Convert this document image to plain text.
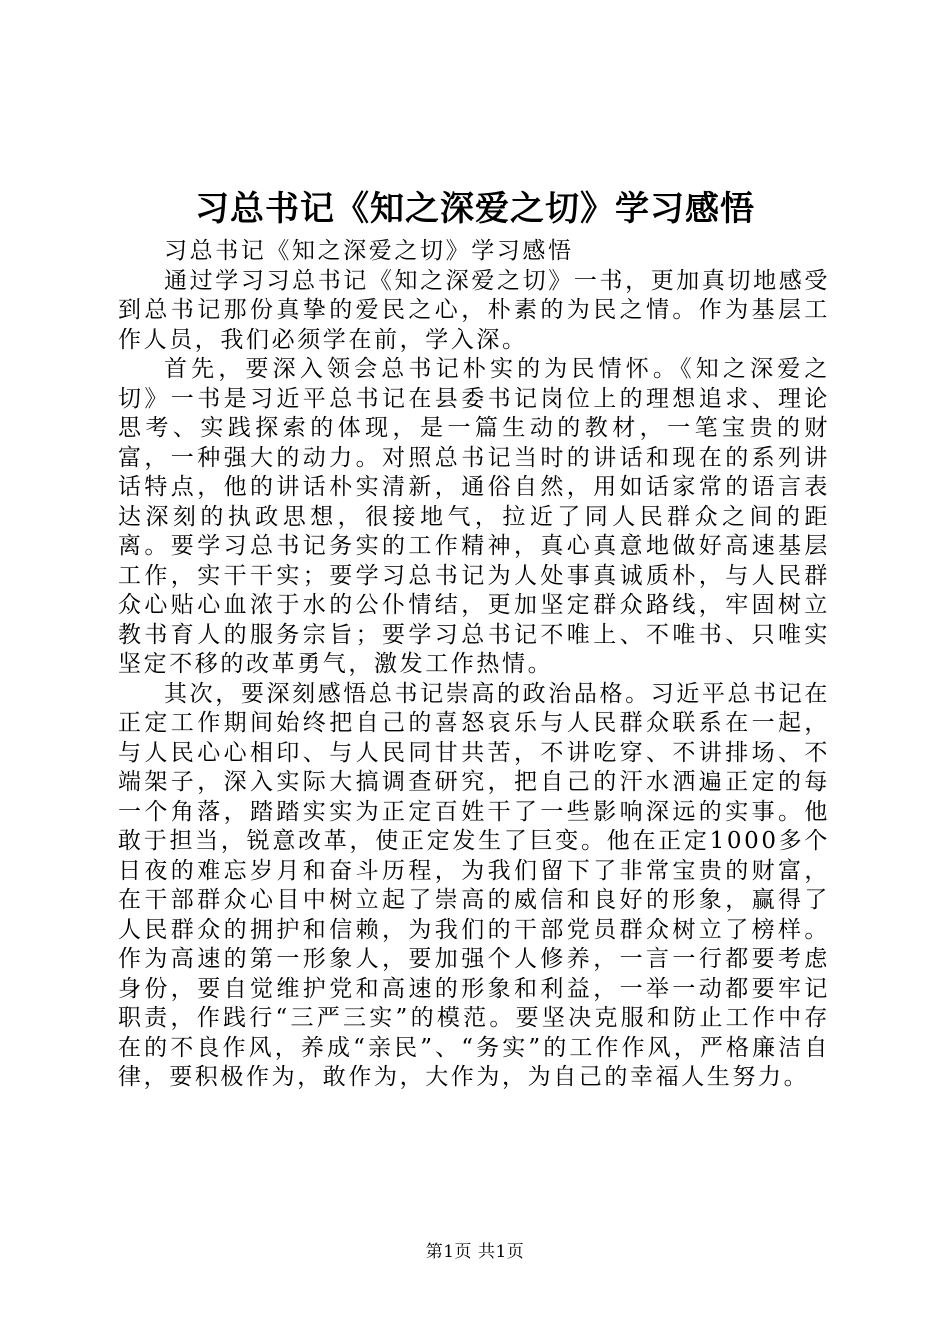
习总书记《知之深爱之切》学习感悟

习总书记《知之深爱之切》学习感悟

通过学习习总书记《知之深爱之切》一书，更加真切地感受到总书记那份真挚的爱民之心，朴素的为民之情。作为基层工作人员，我们必须学在前，学入深。

首先，要深入领会总书记朴实的为民情怀。《知之深爱之切》一书是习近平总书记在县委书记岗位上的理想追求、理论思考、实践探索的体现，是一篇生动的教材，一笔宝贵的财富，一种强大的动力。对照总书记当时的讲话和现在的系列讲话特点，他的讲话朴实清新，通俗自然，用如话家常的语言表达深刻的执政思想，很接地气，拉近了同人民群众之间的距离。要学习总书记务实的工作精神，真心真意地做好高速基层工作，实干干实；要学习总书记为人处事真诚质朴，与人民群众心贴心血浓于水的公仆情结，更加坚定群众路线，牢固树立教书育人的服务宗旨；要学习总书记不唯上、不唯书、只唯实坚定不移的改革勇气，激发工作热情。

其次，要深刻感悟总书记崇高的政治品格。习近平总书记在正定工作期间始终把自己的喜怒哀乐与人民群众联系在一起，与人民心心相印、与人民同甘共苦，不讲吃穿、不讲排场、不端架子，深入实际大搞调查研究，把自己的汗水洒遍正定的每一个角落，踏踏实实为正定百姓干了一些影响深远的实事。他敢于担当，锐意改革，使正定发生了巨变。他在正定1000多个日夜的难忘岁月和奋斗历程，为我们留下了非常宝贵的财富，在干部群众心目中树立起了崇高的威信和良好的形象，赢得了人民群众的拥护和信赖，为我们的干部党员群众树立了榜样。作为高速的第一形象人，要加强个人修养，一言一行都要考虑身份，要自觉维护党和高速的形象和利益，一举一动都要牢记职责，作践行“三严三实”的模范。要坚决克服和防止工作中存在的不良作风，养成“亲民”、“务实”的工作作风，严格廉洁自律，要积极作为，敢作为，大作为，为自己的幸福人生努力。

第1页 共1页
